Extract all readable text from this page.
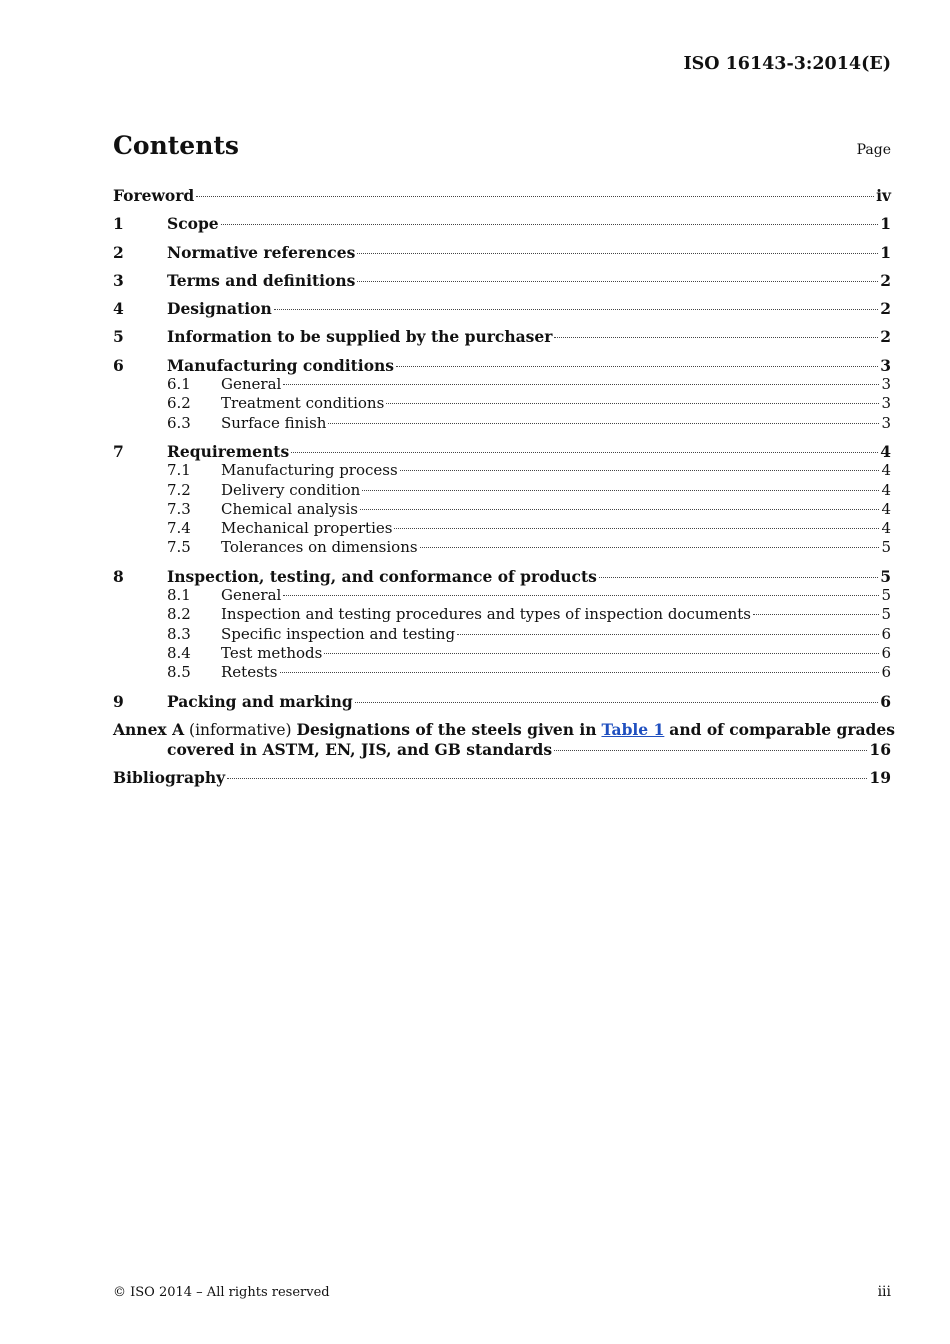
ISO 16143-3:2014(E)
Contents	Page
Foreword	iv
1	Scope	1
2	Normative references	1
3	Terms and definitions	2
4	Designation	2
5	Information to be supplied by the purchaser	2
6	Manufacturing conditions	3
6.1	General	3
6.2	Treatment conditions	3
6.3	Surface finish	3
7	Requirements	4
7.1	Manufacturing process	4
7.2	Delivery condition	4
7.3	Chemical analysis	4
7.4	Mechanical properties	4
7.5	Tolerances on dimensions	5
8	Inspection, testing, and conformance of products	5
8.1	General	5
8.2	Inspection and testing procedures and types of inspection documents	5
8.3	Specific inspection and testing	6
8.4	Test methods	6
8.5	Retests	6
9	Packing and marking	6
Annex A (informative) Designations of the steels given in Table 1 and of comparable grades
covered in ASTM, EN, JIS, and GB standards	16
Bibliography	19
© ISO 2014 – All rights reserved	iii
